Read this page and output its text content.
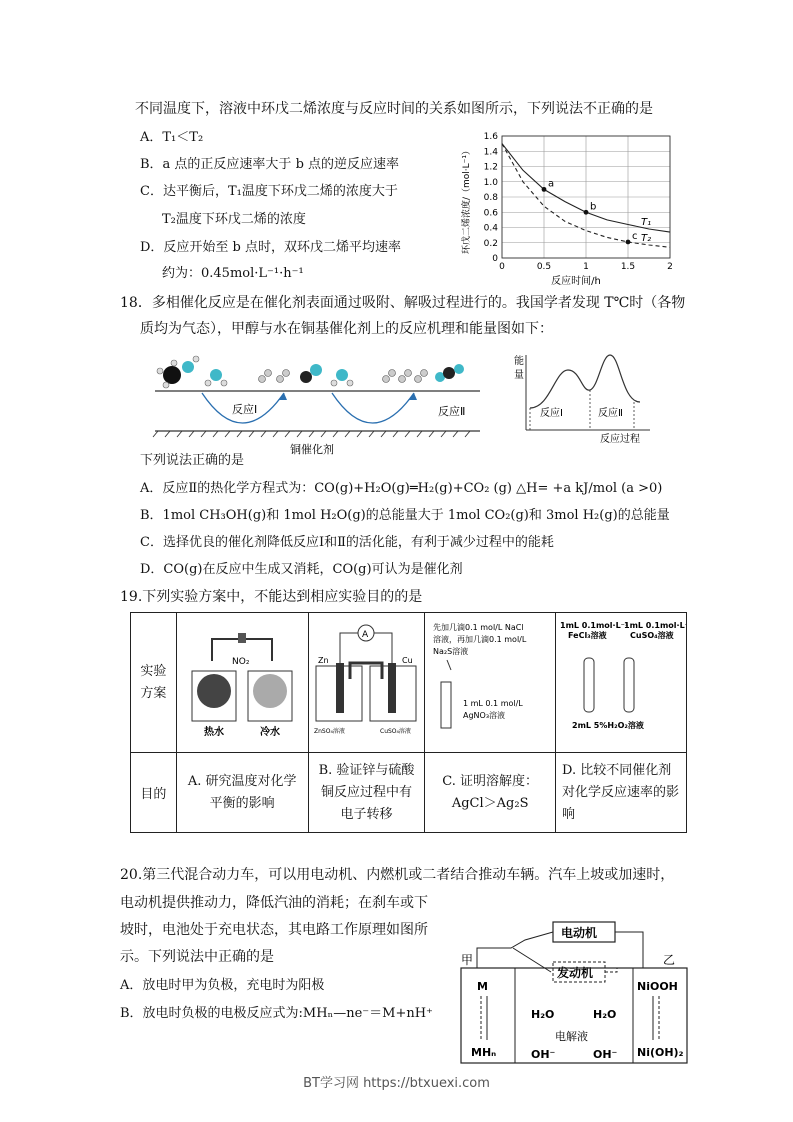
不同温度下，溶液中环戊二烯浓度与反应时间的关系如图所示，下列说法不正确的是
A．T₁＜T₂
B．a 点的正反应速率大于 b 点的逆反应速率
C．达平衡后，T₁温度下环戊二烯的浓度大于
T₂温度下环戊二烯的浓度
D．反应开始至 b 点时，双环戊二烯平均速率
约为：0.45mol·L⁻¹·h⁻¹	0	0.5	1	1.5	2
0
0.2
0.4
0.6
0.8
1.0
1.2
1.4
1.6
T₁
T₂
a
b
c
反应时间/h
环戊二烯浓度/（mol·L⁻¹）
18．多相催化反应是在催化剂表面通过吸附、解吸过程进行的。我国学者发现 T℃时（各物
质均为气态），甲醇与水在铜基催化剂上的反应机理和能量图如下：
反应Ⅰ	反应Ⅱ
铜催化剂
能
量
反应Ⅰ	反应Ⅱ
反应过程
下列说法正确的是
A．反应Ⅱ的热化学方程式为：CO(g)+H₂O(g)═H₂(g)+CO₂ (g) △H= +a kJ/mol (a >0)
B．1mol CH₃OH(g)和 1mol H₂O(g)的总能量大于 1mol CO₂(g)和 3mol H₂(g)的总能量
C．选择优良的催化剂降低反应Ⅰ和Ⅱ的活化能，有利于减少过程中的能耗
D．CO(g)在反应中生成又消耗，CO(g)可认为是催化剂
19.下列实验方案中，不能达到相应实验目的的是
实验方案	NO₂
热水 冷水	A
Zn Cu
ZnSO₄溶液 CuSO₄溶液	先加几滴0.1 mol/L NaCl
溶液，再加几滴0.1 mol/L
Na₂S溶液
1 mL 0.1 mol/L
AgNO₃溶液	1mL 0.1mol·L⁻¹
FeCl₃溶液
1mL 0.1mol·L⁻¹
CuSO₄溶液
2mL 5%H₂O₂溶液

目的	A. 研究温度对化学平衡的影响	B. 验证锌与硫酸铜反应过程中有电子转移	C. 证明溶解度：
AgCl＞Ag₂S	D. 比较不同催化剂对化学反应速率的影响
20.第三代混合动力车，可以用电动机、内燃机或二者结合推动车辆。汽车上坡或加速时，
电动机提供推动力，降低汽油的消耗；在刹车或下
坡时，电池处于充电状态，其电路工作原理如图所
示。下列说法中正确的是
A．放电时甲为负极，充电时为阳极
B．放电时负极的电极反应式为:MHₙ—ne⁻＝M+nH⁺
甲	乙
电动机
发动机
M
MHₙ
H₂O	H₂O
电解液
OH⁻	OH⁻
NiOOH
Ni(OH)₂
BT学习网 https://btxuexi.com
